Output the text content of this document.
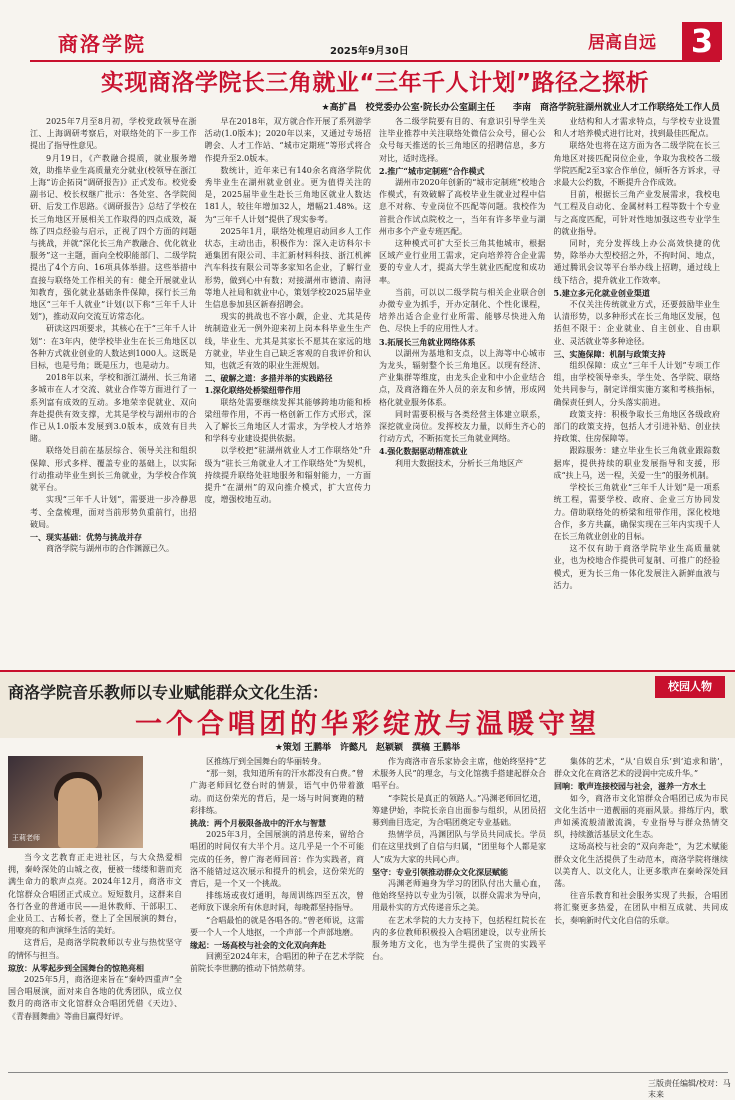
商洛学院	2025年9月30日	居高自远 3
实现商洛学院长三角就业“三年千人计划”路径之探析
★高扩昌　校党委办公室·院长办公室副主任　　李南　商洛学院驻湖州就业人才工作联络处工作人员

2025年7月至8月初，学校党政领导在浙江、上海调研考察后，对联络处的下一步工作提出了指导性意见。

9月19日，《产教融合提质，就业服务增效，助推毕业生高质量充分就业(校领导在浙江上海“访企拓岗”调研报告)》正式发布。校党委副书记、校长权继广批示：各处室、各学院阅研、后发工作思路。《调研报告》总结了学校在长三角地区开展相关工作取得的四点成效，凝练了四点经验与启示，正视了四个方面的问题与挑战，并就“深化长三角产教融合、优化就业服务”这一主题，面向全校职能部门、二级学院提出了4个方向、16项具体举措。这些举措中直接与联络处工作相关的有：健全开展就业认知教育，强化就业基础条件保障，探行长三角地区“三年千人就业”计划(以下称“三年千人计划”)，推动双向交流互访常态化。

研读这四项要求，其核心在于“三年千人计划”：在3年内，使学校毕业生在长三角地区以各种方式就业创业的人数达到1000人。这既是目标，也是号角；既是压力，也是动力。

2018年以来，学校和浙江湖州、长三角诸多城市在人才交流、就业合作等方面进行了一系列富有成效的互动。多地荣幸促就业、双向奔赴提供有效支撑，尤其是学校与湖州市的合作已从1.0版本发展到3.0版本，成效有目共睹。

联络处目前在基层综合、领导关注和组织保障、形式多样、覆盖专业的基础上，以实际行动推动毕业生到长三角就业，为学校合作筑就平台。

实现“三年千人计划”，需要进一步冷静思考、全盘梳理，面对当前形势负重前行，出招破局。

一、现实基础：优势与挑战并存

商洛学院与湖州市的合作渊源已久。

早在2018年，双方就合作开展了系列游学活动(1.0版本)；2020年以来，又通过专场招聘会、人才工作站、“城市定期班”等形式将合作提升至2.0版本。

数统计，近年来已有140余名商洛学院优秀毕业生在湖州就业创业。更为值得关注的是，2025届毕业生赴长三角地区就业人数达181人，较往年增加32人，增幅21.48%。这为“三年千人计划”提供了现实参考。

2025年1月，联络处梳理启动回乡人工作状态，主动出击，积极作为：深入走访科尔卡通集团有限公司、丰汇新材料科技、浙江机裤汽车科技有限公司等多家知名企业，了解行业形势，做到心中有数；对接湖州市德清、南浔等地人社局和就业中心，策划学校2025届毕业生信息参加县区新春招聘会。

现实的挑战也不容小觑，企业、尤其是传统制造业无一例外迎来初上岗本科毕业生生产线，毕业生、尤其是其家长不愿其在家远的地方就业，毕业生自己缺乏客观的自我评价和认知，也就乏有效的职业生涯规划。

二、破解之道：多措并举的实践路径

1.深化联络处桥梁纽带作用

联络处需要继续发挥其能够跨地功能和桥梁纽带作用，不再一格创新工作方式形式，深入了解长三角地区人才需求，为学校人才培养和学科专业建设提供依据。

以学校把“驻湖州就业人才工作联络处”升级为“驻长三角就业人才工作联络处”为契机，持续提升联络处驻地服务和辐射能力，一方面提升“在湖州”的双向推介模式，扩大宣传力度，增强校地互动。

各二级学院要有目的、有意识引导学生关注毕业推荐中关注联络处微信公众号，留心公众号每天推送的长三角地区的招聘信息，多方对比，适时选择。

2.推广“城市定制班”合作模式

湖州市2020年创新的“城市定制班”校地合作模式，有效破解了高校毕业生就业过程中信息不对称、专业岗位不匹配等问题。我校作为首批合作试点院校之一，当年有许多毕业与湖州市多个产业专班匹配。

这种模式可扩大至长三角其他城市，根据区域产业行业用工需求，定向培养符合企业需要的专业人才，提高大学生就业匹配度和成功率。

当前，可以以二级学院与相关企业联合创办微专业为抓手，开办定制化、个性化课程，培养出适合企业行业所需、能够尽快进入角色、尽快上手的应用性人才。

3.拓展长三角就业网络体系

以湖州为基地和支点，以上海等中心城市为龙头，辐射整个长三角地区。以现有经济、产业集群等维度，由龙头企业和中小企业结合点，及商洛籍在外人员的亲友和乡情，形成网格化就业服务体系。

同时需要积极与各类经营主体建立联系，深挖就业岗位。发挥校友力量，以师生齐心的行动方式，不断拓宽长三角就业网络。

4.强化数据驱动精准就业

利用大数据技术，分析长三角地区产

业结构和人才需求特点，与学校专业设置和人才培养模式进行比对，找到最佳匹配点。

联络处也将在这方面为各二级学院在长三角地区对接匹配岗位企业，争取为我校各二级学院匹配2至3家合作单位，倾听各方诉求，寻求最大公约数，不断提升合作成效。

目前，根据长三角产业发展需求，我校电气工程及自动化、金属材料工程等数十个专业与之高度匹配，可针对性地加强这些专业学生的就业指导。

同时，充分发挥线上办公高效快捷的优势，除举办大型校招之外，不拘时间、地点，通过腾讯会议等平台举办线上招聘，通过线上线下结合，提升就业工作效率。

5.建立多元化就业创业渠道

不仅关注传统就业方式，还要鼓励毕业生认清形势，以多种形式在长三角地区发展，包括但不限于：企业就业、自主创业、自由职业、灵活就业等多种途径。

三、实施保障：机制与政策支持

组织保障：成立“三年千人计划”专项工作组，由学校领导牵头，学生处、各学院、联络处共同参与，制定详细实施方案和考核指标，确保责任到人，分头落实前进。

政策支持：积极争取长三角地区各级政府部门的政策支持，包括人才引进补贴、创业扶持政策、住房保障等。

跟踪服务：建立毕业生长三角就业跟踪数据库，提供持续的职业发展指导和支援，形成“扶上马，送一程，关爱一生”的服务机制。

学校长三角就业“三年千人计划”是一项系统工程，需要学校、政府、企业三方协同发力。借助联络处的桥梁和纽带作用，深化校地合作，多方共赢，确保实现在三年内实现千人在长三角就业创业的目标。

这不仅有助于商洛学院毕业生高质量就业，也为校地合作提供可复制、可推广的经验模式，更为长三角一体化发展注入新鲜血液与活力。

商洛学院音乐教师以专业赋能群众文化生活：	校园人物
一个合唱团的华彩绽放与温暖守望
★策划 王鹏举　许懿凡　赵颖颖　撰稿 王鹏举
王莉老师

当今文艺教育正走进社区，与大众热爱相拥，秦岭深处的山城之夜，便被一缕缕和谐而充满生命力的歌声点亮。2024年12月，商洛市文化馆群众合唱团正式成立。短短数月，这群来自各行各业的普通市民——退休教师、干部职工、企业员工、古稀长者，登上了全国展演的舞台，用嘹亮的和声演绎生活的美好。

这背后，是商洛学院教师以专业与热忱坚守的情怀与担当。

琼放：从零起步到全国舞台的惊艳亮相

2025年5月，商洛迎来旨在“秦岭四重声”全国合唱展演，面对来自各地的优秀团队，成立仅数月的商洛市文化馆群众合唱团凭借《天边》、《青春圆舞曲》等曲目赢得好评。

区推练厅到全国舞台的华丽转身。

“那一刻，我知道所有的汗水都没有白费。”曾广海老师回忆登台时的情景，语气中仍带着激动。而这份荣光的背后，是一场与时间赛跑的精彩排练。

挑战：两个月极限备战中的汗水与智慧

2025年3月，全国展演的消息传来，留给合唱团的时间仅有大半个月。这几乎是一个不可能完成的任务，曾广海老师回首：作为实践者，商洛不能错过这次展示和提升的机会，这份荣光的背后，是一个又一个挑战。

排练场或夜灯通明，每周训练四至五次，曾老师放下课余所有休息时间，每晚都坚持指导。

“合唱最怕的就是各唱各的。”曾老师说，这需要一个人一个人地抠，一个声部一个声部地磨。

缘起：一场高校与社会的文化双向奔赴

回溯至2024年末，合唱团的种子在艺术学院前院长李世鹏的推动下悄然萌芽。

作为商洛市音乐家协会主席，他始终坚持“艺术服务人民”的理念，与文化馆携手搭建起群众合唱平台。

“李院长是真正的领路人。”冯渊老师回忆道，筹建伊始，李院长亲自出面参与组织，从团员招募到曲目选定，为合唱团奠定专业基础。

热情学员，冯渊团队与学员共同成长。学员们在这里找到了自信与归属，“团里每个人都是家人”成为大家的共同心声。

坚守：专业引领推动群众文化深层赋能

冯渊老师遍身为学习的团队付出大量心血，他始终坚持以专业为引领，以群众需求为导向，用最朴实的方式传递音乐之美。

在艺术学院的大力支持下，包括程红院长在内的多位教师积极投入合唱团建设，以专业所长服务地方文化，也为学生提供了宝贵的实践平台。

集体的艺术，“从‘自娱自乐’到‘追求和谐’，群众文化在商洛艺术的浸润中完成升华。”

回响：歌声连接校园与社会，滋养一方水土

如今，商洛市文化馆群众合唱团已成为市民文化生活中一道靓丽的亮丽风景。排练厅内，歌声如溪流般清澈流淌，专业指导与群众热情交织，持续激活基层文化生态。

这场高校与社会的“双向奔赴”，为艺术赋能群众文化生活提供了生动范本，商洛学院将继续以美育人、以文化人，让更多歌声在秦岭深处回荡。

往音乐教育和社会服务实现了共振，合唱团将汇聚更多热爱，在团队中相互成就、共同成长，奏响新时代文化自信的乐章。

三版责任编辑/校对：马末来
